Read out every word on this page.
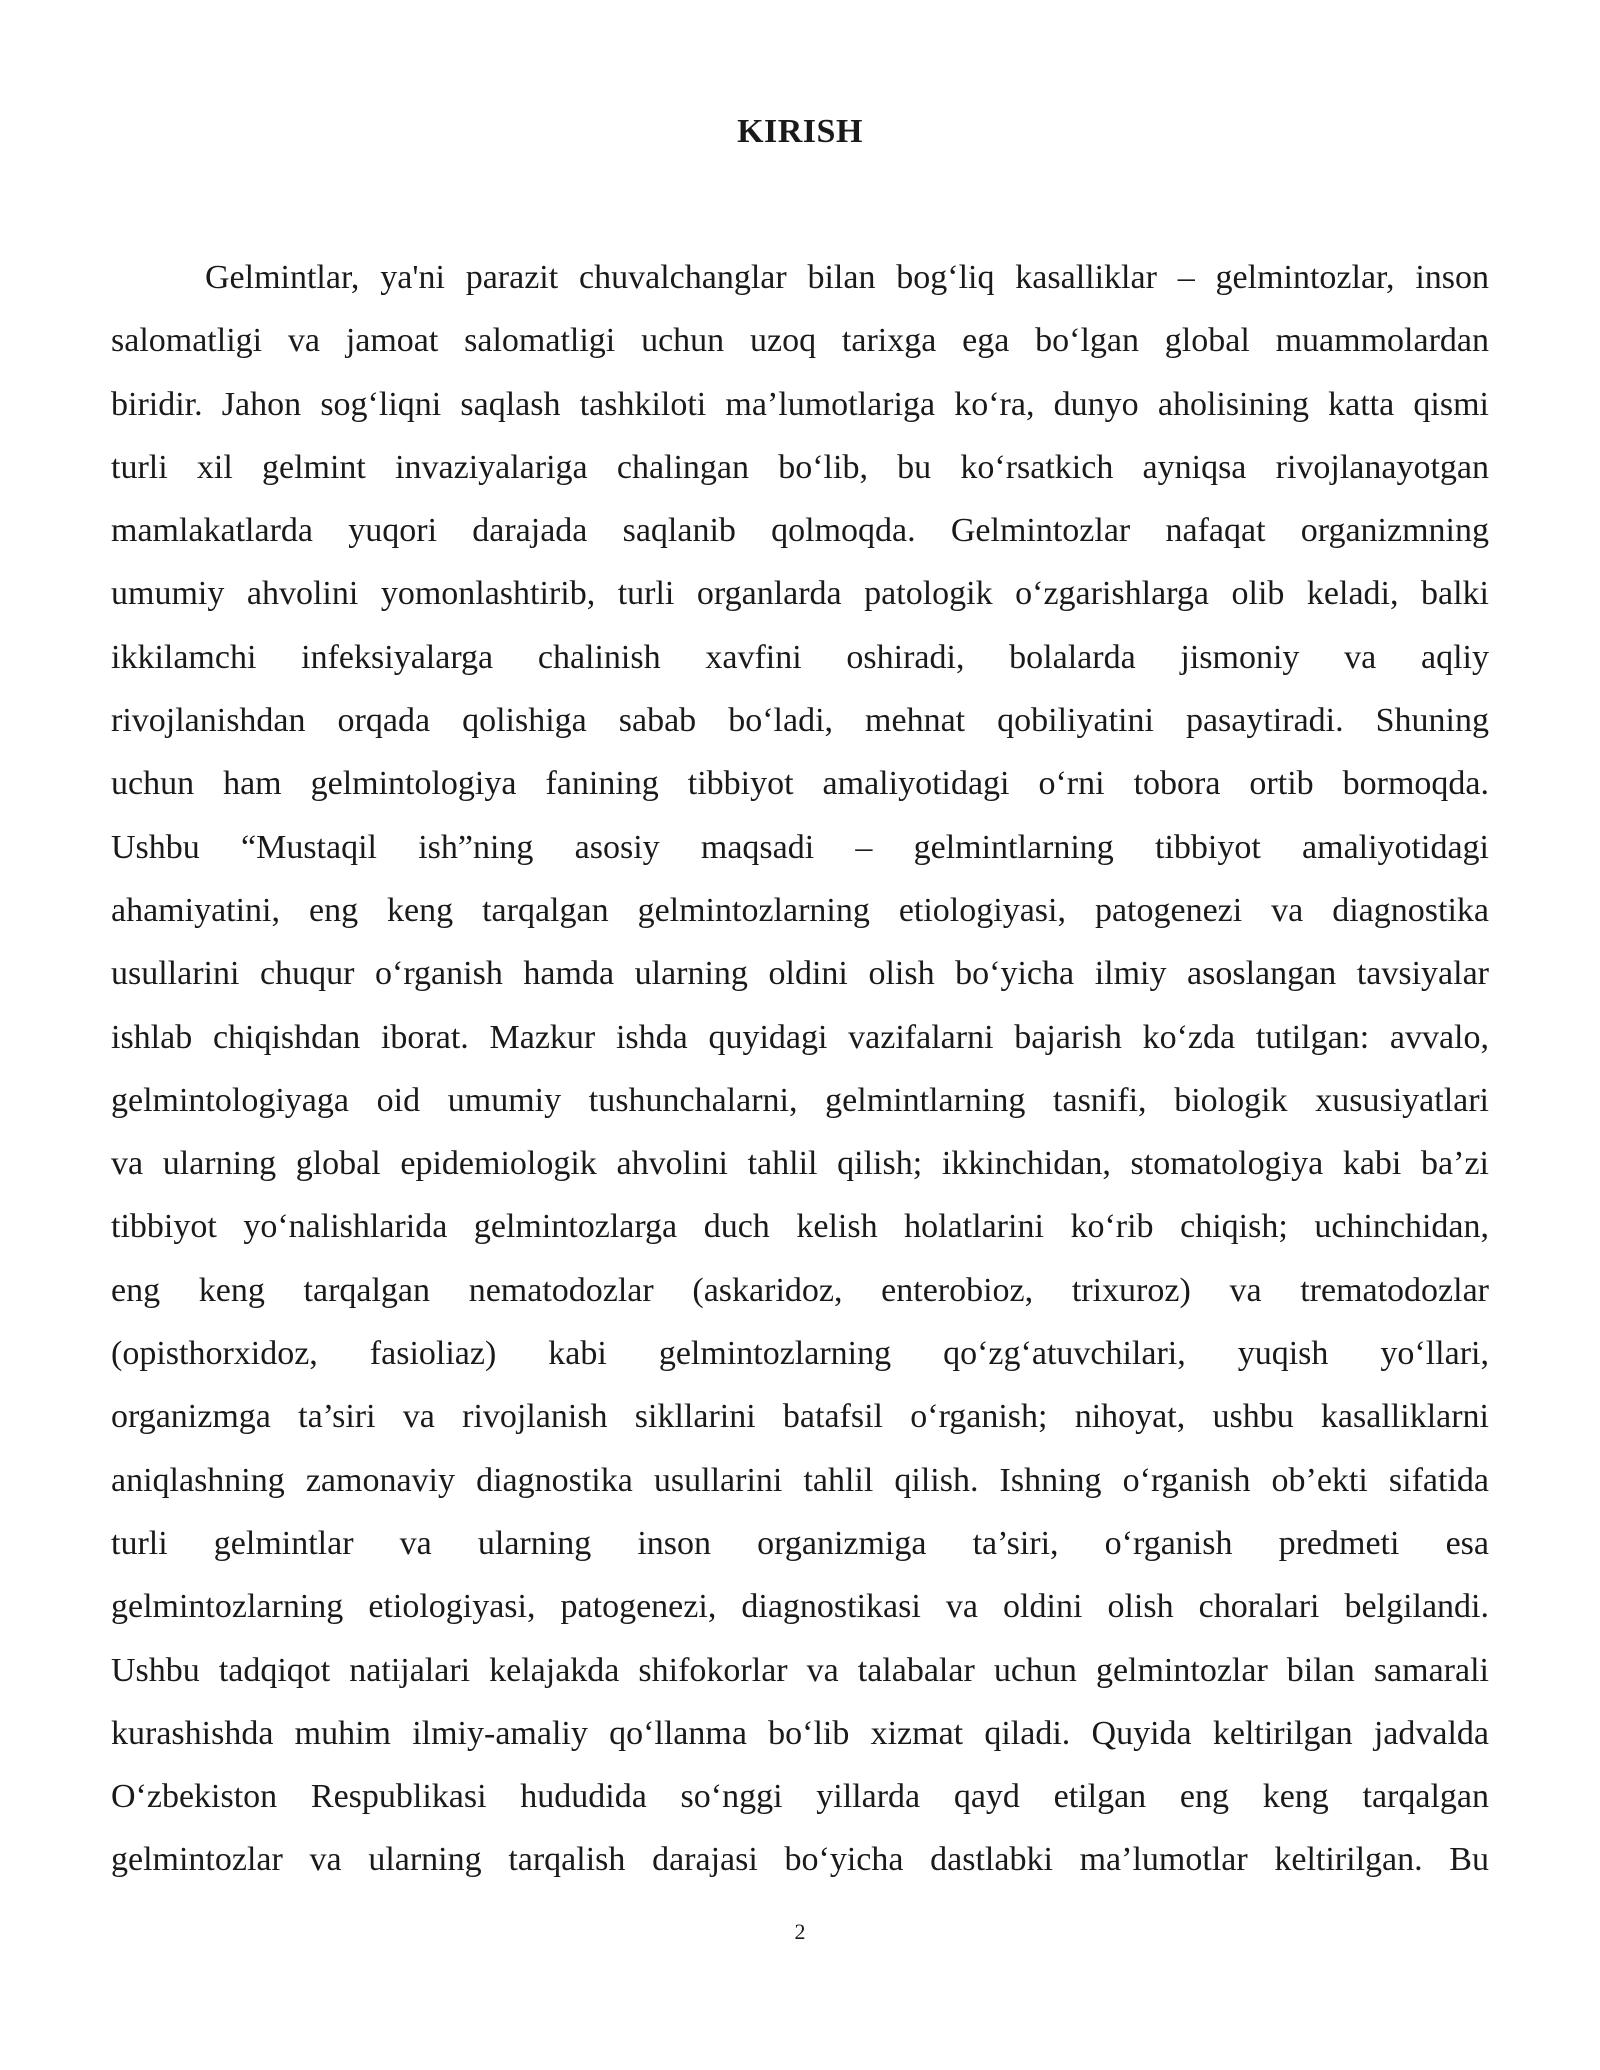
KIRISH
Gelmintlar, ya'ni parazit chuvalchanglar bilan bog‘liq kasalliklar – gelmintozlar, inson
salomatligi va jamoat salomatligi uchun uzoq tarixga ega bo‘lgan global muammolardan
biridir. Jahon sog‘liqni saqlash tashkiloti ma’lumotlariga ko‘ra, dunyo aholisining katta qismi
turli xil gelmint invaziyalariga chalingan bo‘lib, bu ko‘rsatkich ayniqsa rivojlanayotgan
mamlakatlarda yuqori darajada saqlanib qolmoqda. Gelmintozlar nafaqat organizmning
umumiy ahvolini yomonlashtirib, turli organlarda patologik o‘zgarishlarga olib keladi, balki
ikkilamchi infeksiyalarga chalinish xavfini oshiradi, bolalarda jismoniy va aqliy
rivojlanishdan orqada qolishiga sabab bo‘ladi, mehnat qobiliyatini pasaytiradi. Shuning
uchun ham gelmintologiya fanining tibbiyot amaliyotidagi o‘rni tobora ortib bormoqda.
Ushbu “Mustaqil ish”ning asosiy maqsadi – gelmintlarning tibbiyot amaliyotidagi
ahamiyatini, eng keng tarqalgan gelmintozlarning etiologiyasi, patogenezi va diagnostika
usullarini chuqur o‘rganish hamda ularning oldini olish bo‘yicha ilmiy asoslangan tavsiyalar
ishlab chiqishdan iborat. Mazkur ishda quyidagi vazifalarni bajarish ko‘zda tutilgan: avvalo,
gelmintologiyaga oid umumiy tushunchalarni, gelmintlarning tasnifi, biologik xususiyatlari
va ularning global epidemiologik ahvolini tahlil qilish; ikkinchidan, stomatologiya kabi ba’zi
tibbiyot yo‘nalishlarida gelmintozlarga duch kelish holatlarini ko‘rib chiqish; uchinchidan,
eng keng tarqalgan nematodozlar (askaridoz, enterobioz, trixuroz) va trematodozlar
(opisthorxidoz, fasioliaz) kabi gelmintozlarning qo‘zg‘atuvchilari, yuqish yo‘llari,
organizmga ta’siri va rivojlanish sikllarini batafsil o‘rganish; nihoyat, ushbu kasalliklarni
aniqlashning zamonaviy diagnostika usullarini tahlil qilish. Ishning o‘rganish ob’ekti sifatida
turli gelmintlar va ularning inson organizmiga ta’siri, o‘rganish predmeti esa
gelmintozlarning etiologiyasi, patogenezi, diagnostikasi va oldini olish choralari belgilandi.
Ushbu tadqiqot natijalari kelajakda shifokorlar va talabalar uchun gelmintozlar bilan samarali
kurashishda muhim ilmiy-amaliy qo‘llanma bo‘lib xizmat qiladi. Quyida keltirilgan jadvalda
O‘zbekiston Respublikasi hududida so‘nggi yillarda qayd etilgan eng keng tarqalgan
gelmintozlar va ularning tarqalish darajasi bo‘yicha dastlabki ma’lumotlar keltirilgan. Bu
2
